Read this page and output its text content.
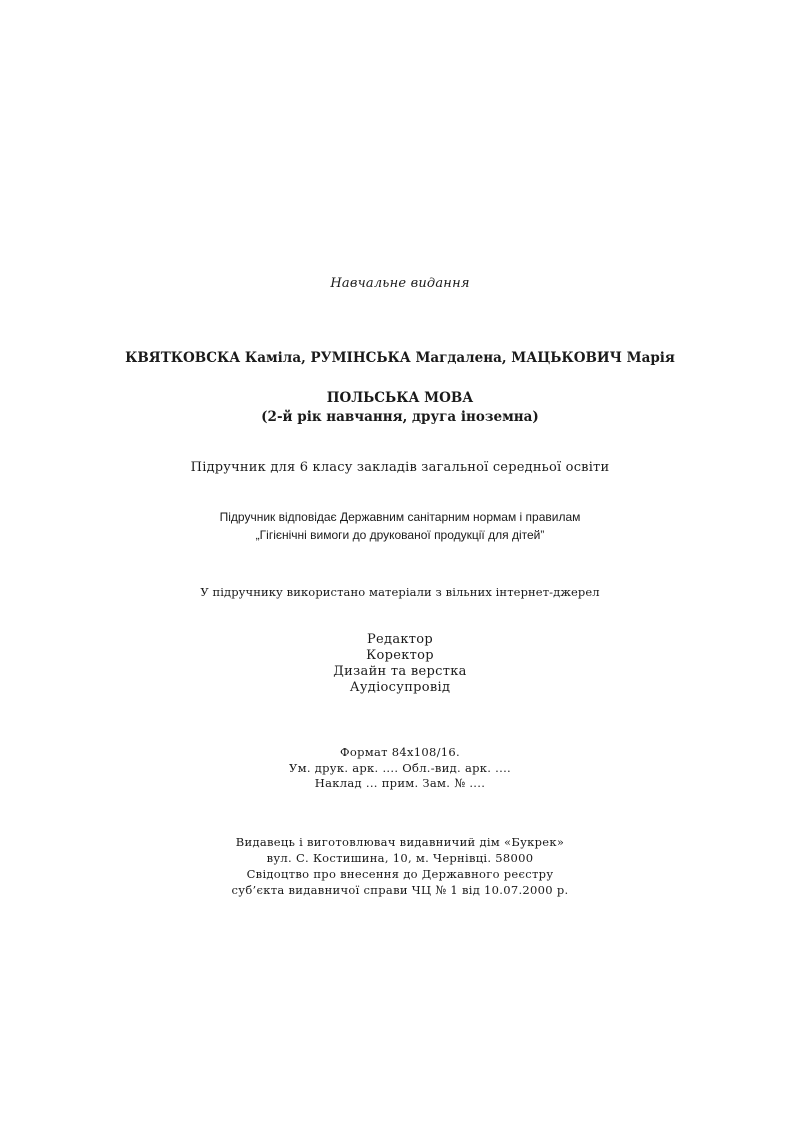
Навчальне видання
КВЯТКОВСКА Каміла, РУМІНСЬКА Магдалена, МАЦЬКОВИЧ Марія
ПОЛЬСЬКА МОВА
(2-й рік навчання, друга іноземна)
Підручник для 6 класу закладів загальної середньої освіти
Підручник відповідає Державним санітарним нормам і правилам
„Гігієнічні вимоги до друкованої продукції для дітей”
У підручнику використано матеріали з вільних інтернет-джерел
Редактор
Коректор
Дизайн та верстка
Аудіосупровід
Формат 84х108/16.
Ум. друк. арк. .... Обл.-вид. арк. ....
Наклад ... прим. Зам. № ....
Видавець і виготовлювач видавничий дім «Букрек»
вул. С. Костишина, 10, м. Чернівці. 58000
Свідоцтво про внесення до Державного реєстру
суб’єкта видавничої справи ЧЦ № 1 від 10.07.2000 р.
